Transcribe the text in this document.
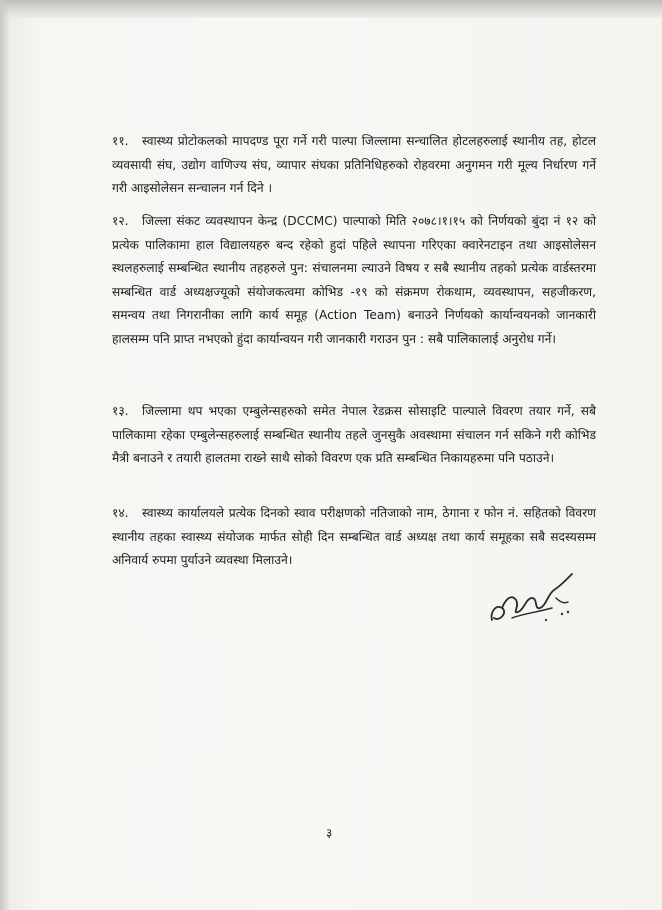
११.	स्वास्थ्य प्रोटोकलको मापदण्ड पूरा गर्ने गरी पाल्पा जिल्लामा सन्चालित होटलहरुलाई स्थानीय तह, होटल व्यवसायी संघ, उद्योग वाणिज्य संघ, व्यापार संघका प्रतिनिधिहरुको रोहवरमा अनुगमन गरी मूल्य निर्धारण गर्ने गरी आइसोलेसन सन्चालन गर्न दिने ।
१२.	जिल्ला संकट व्यवस्थापन केन्द्र (DCCMC) पाल्पाको मिति २०७८।१।१५ को निर्णयको बुंदा नं १२ को प्रत्येक पालिकामा हाल विद्यालयहरु बन्द रहेको हुदां पहिले स्थापना गरिएका क्वारेनटाइन तथा आइसोलेसन स्थलहरुलाई सम्बन्धित स्थानीय तहहरुले पुन: संचालनमा ल्याउने विषय र सबै स्थानीय तहको प्रत्येक वार्डस्तरमा सम्बन्धित वार्ड अध्यक्षज्यूको संयोजकत्वमा कोभिड -१९ को संक्रमण रोकथाम, व्यवस्थापन, सहजीकरण, समन्वय तथा निगरानीका लागि कार्य समूह (Action Team) बनाउने निर्णयको कार्यान्वयनको जानकारी हालसम्म पनि प्राप्त नभएको हुंदा कार्यान्वयन गरी जानकारी गराउन पुन : सबै पालिकालाई अनुरोध गर्ने।
१३.	जिल्लामा थप भएका एम्बुलेन्सहरुको समेत नेपाल रेडक्रस सोसाइटि पाल्पाले विवरण तयार गर्ने, सबै पालिकामा रहेका एम्बुलेन्सहरुलाई सम्बन्धित स्थानीय तहले जुनसुकै अवस्थामा संचालन गर्न सकिने गरी कोभिड मैत्री बनाउने र तयारी हालतमा राख्ने साथै सोको विवरण एक प्रति सम्बन्धित निकायहरुमा पनि पठाउने।
१४.	स्वास्थ्य कार्यालयले प्रत्येक दिनको स्वाव परीक्षणको नतिजाको नाम, ठेगाना र फोन नं. सहितको विवरण स्थानीय तहका स्वास्थ्य संयोजक मार्फत सोही दिन सम्बन्धित वार्ड अध्यक्ष तथा कार्य समूहका सबै सदस्यसम्म अनिवार्य रुपमा पुर्याउने व्यवस्था मिलाउने।
३
